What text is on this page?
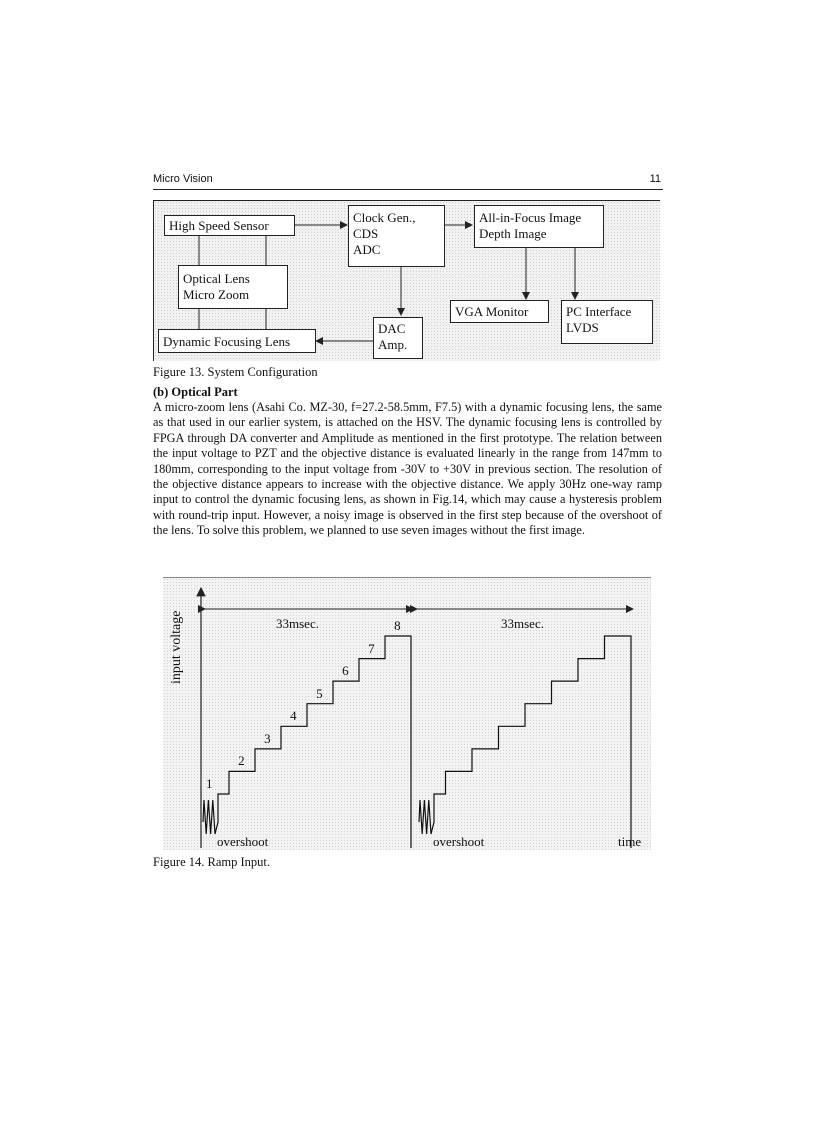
Micro Vision	11
High Speed Sensor
Clock Gen.,
CDS
ADC
All-in-Focus Image
Depth Image
Optical Lens
Micro Zoom
VGA Monitor	PC Interface
LVDS
DAC
Amp.
Dynamic Focusing Lens
Figure 13. System Configuration
(b) Optical Part

A micro-zoom lens (Asahi Co. MZ-30, f=27.2-58.5mm, F7.5) with a dynamic focusing lens, the same as that used in our earlier system, is attached on the HSV. The dynamic focusing lens is controlled by FPGA through DA converter and Amplitude as mentioned in the first prototype. The relation between the input voltage to PZT and the objective distance is evaluated linearly in the range from 147mm to 180mm, corresponding to the input voltage from -30V to +30V in previous section. The resolution of the objective distance appears to increase with the objective distance. We apply 30Hz one-way ramp input to control the dynamic focusing lens, as shown in Fig.14, which may cause a hysteresis problem with round-trip input. However, a noisy image is observed in the first step because of the overshoot of the lens. To solve this problem, we planned to use seven images without the first image.

input voltage	33msec.	33msec.
overshoot	overshoot	time
1
2
3
4
5
6
7
8
Figure 14. Ramp Input.
